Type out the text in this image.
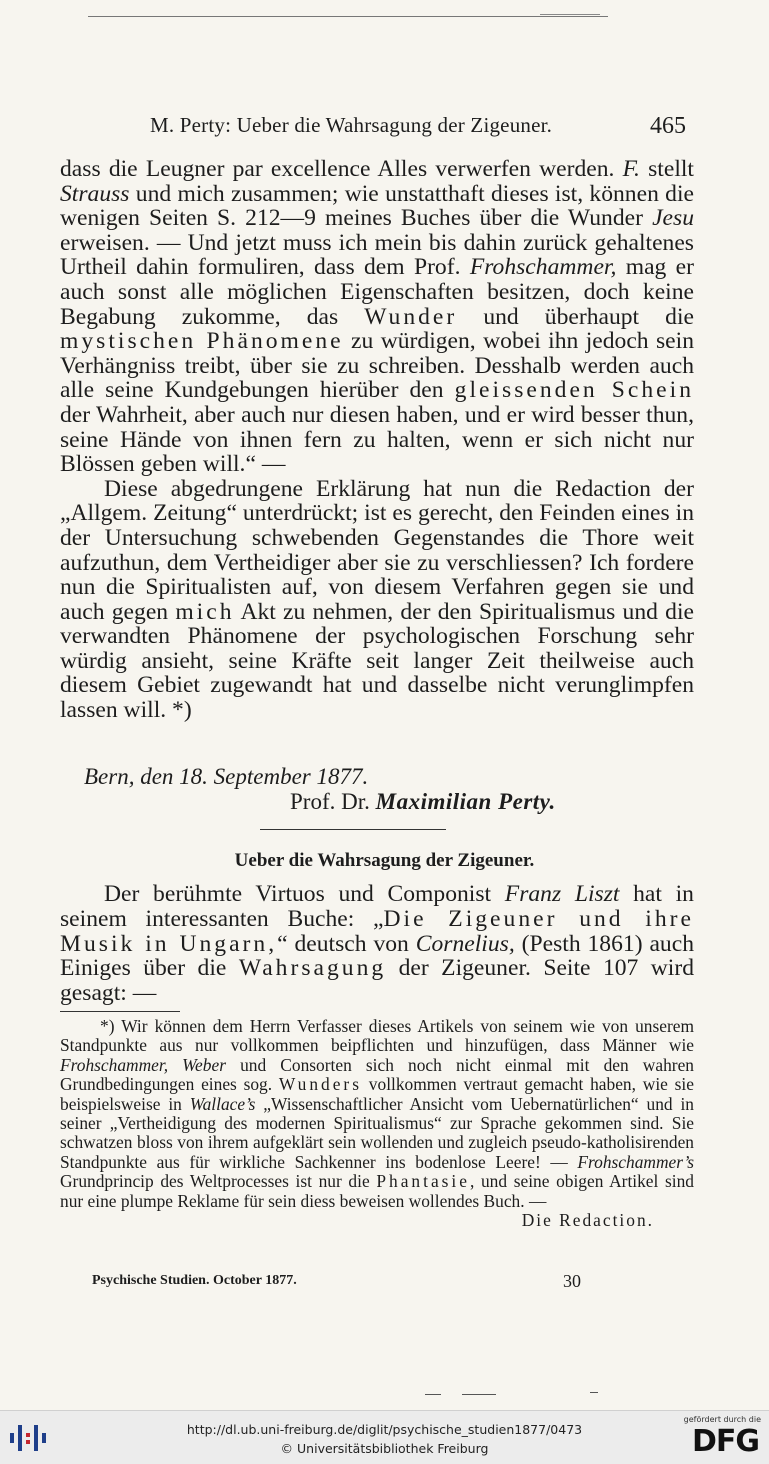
M. Perty: Ueber die Wahrsagung der Zigeuner.	465

dass die Leugner par excellence Alles verwerfen werden. F. stellt Strauss und mich zusammen; wie unstatthaft dieses ist, können die wenigen Seiten S. 212—9 meines Buches über die Wunder Jesu erweisen. — Und jetzt muss ich mein bis dahin zurück gehaltenes Urtheil dahin formuliren, dass dem Prof. Frohschammer, mag er auch sonst alle möglichen Eigenschaften besitzen, doch keine Begabung zukomme, das Wunder und überhaupt die mystischen Phänomene zu würdigen, wobei ihn jedoch sein Verhängniss treibt, über sie zu schreiben. Desshalb werden auch alle seine Kundgebungen hierüber den gleissenden Schein der Wahrheit, aber auch nur diesen haben, und er wird besser thun, seine Hände von ihnen fern zu halten, wenn er sich nicht nur Blössen geben will.“ —

Diese abgedrungene Erklärung hat nun die Redaction der „Allgem. Zeitung“ unterdrückt; ist es gerecht, den Feinden eines in der Untersuchung schwebenden Gegenstandes die Thore weit aufzuthun, dem Vertheidiger aber sie zu verschliessen? Ich fordere nun die Spiritualisten auf, von diesem Verfahren gegen sie und auch gegen mich Akt zu nehmen, der den Spiritualismus und die verwandten Phänomene der psychologischen Forschung sehr würdig ansieht, seine Kräfte seit langer Zeit theilweise auch diesem Gebiet zugewandt hat und dasselbe nicht verunglimpfen lassen will. *)

Bern, den 18. September 1877.
Prof. Dr. Maximilian Perty.
Ueber die Wahrsagung der Zigeuner.

Der berühmte Virtuos und Componist Franz Liszt hat in seinem interessanten Buche: „Die Zigeuner und ihre Musik in Ungarn,“ deutsch von Cornelius, (Pesth 1861) auch Einiges über die Wahrsagung der Zigeuner. Seite 107 wird gesagt: —

*) Wir können dem Herrn Verfasser dieses Artikels von seinem wie von unserem Standpunkte aus nur vollkommen beipflichten und hinzufügen, dass Männer wie Frohschammer, Weber und Consorten sich noch nicht einmal mit den wahren Grundbedingungen eines sog. Wunders vollkommen vertraut gemacht haben, wie sie beispielsweise in Wallace’s „Wissenschaftlicher Ansicht vom Uebernatürlichen“ und in seiner „Vertheidigung des modernen Spiritualismus“ zur Sprache gekommen sind. Sie schwatzen bloss von ihrem aufgeklärt sein wollenden und zugleich pseudo-katholisirenden Standpunkte aus für wirkliche Sachkenner ins bodenlose Leere! — Frohschammer’s Grundprincip des Weltprocesses ist nur die Phantasie, und seine obigen Artikel sind nur eine plumpe Reklame für sein diess beweisen wollendes Buch. —

Die Redaction.
Psychische Studien. October 1877.	30
http://dl.ub.uni-freiburg.de/diglit/psychische_studien1877/0473
© Universitätsbibliothek Freiburg
gefördert durch die
DFG
